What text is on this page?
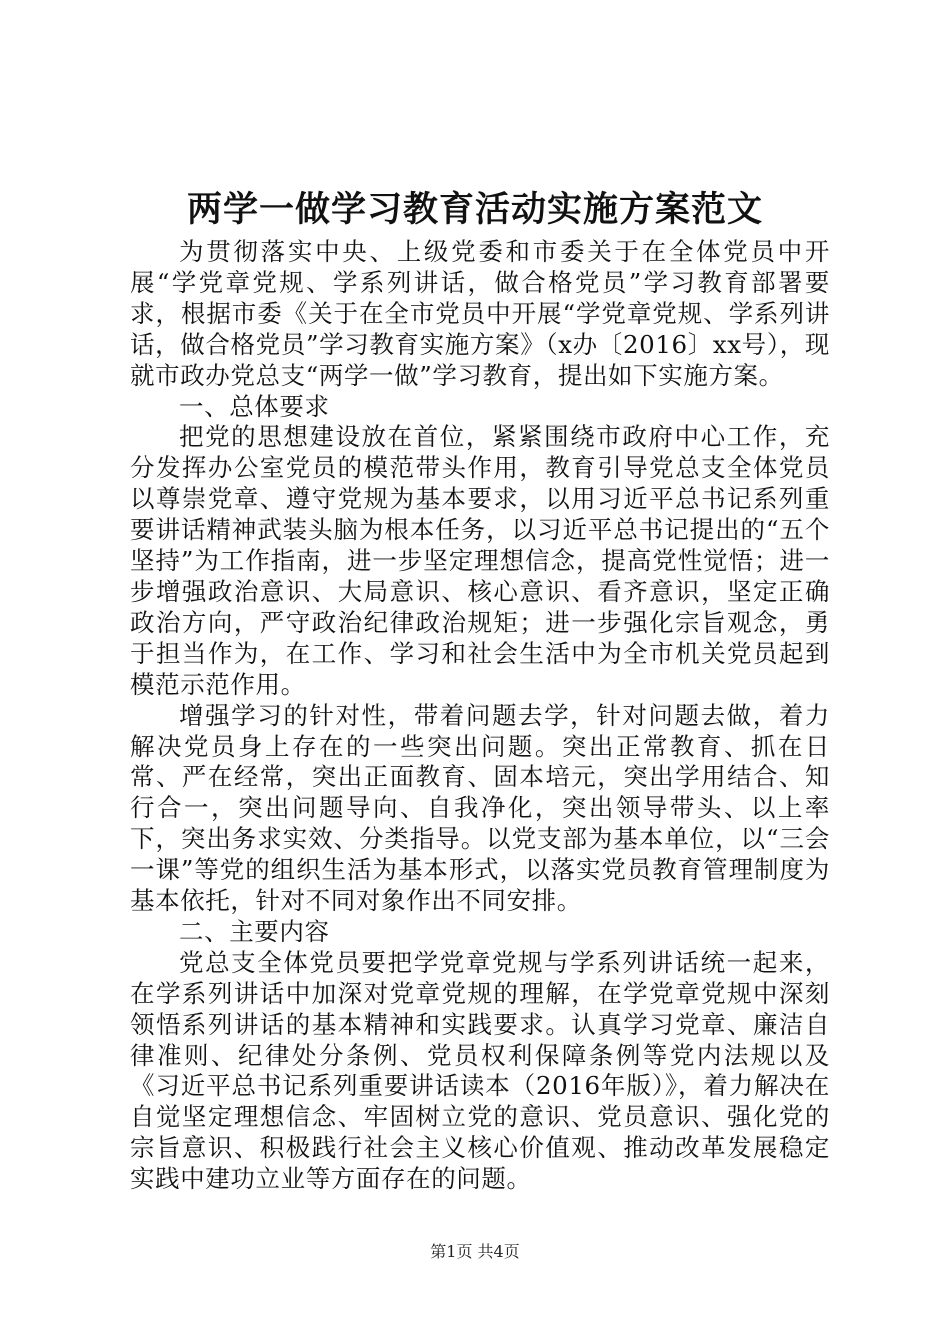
两学一做学习教育活动实施方案范文

为贯彻落实中央、上级党委和市委关于在全体党员中开展“学党章党规、学系列讲话，做合格党员”学习教育部署要求，根据市委《关于在全市党员中开展“学党章党规、学系列讲话，做合格党员”学习教育实施方案》（x办〔2016〕xx号），现就市政办党总支“两学一做”学习教育，提出如下实施方案。

一、总体要求

把党的思想建设放在首位，紧紧围绕市政府中心工作，充分发挥办公室党员的模范带头作用，教育引导党总支全体党员以尊崇党章、遵守党规为基本要求，以用习近平总书记系列重要讲话精神武装头脑为根本任务，以习近平总书记提出的“五个坚持”为工作指南，进一步坚定理想信念，提高党性觉悟；进一步增强政治意识、大局意识、核心意识、看齐意识，坚定正确政治方向，严守政治纪律政治规矩；进一步强化宗旨观念，勇于担当作为，在工作、学习和社会生活中为全市机关党员起到模范示范作用。

增强学习的针对性，带着问题去学，针对问题去做，着力解决党员身上存在的一些突出问题。突出正常教育、抓在日常、严在经常，突出正面教育、固本培元，突出学用结合、知行合一，突出问题导向、自我净化，突出领导带头、以上率下，突出务求实效、分类指导。以党支部为基本单位，以“三会一课”等党的组织生活为基本形式，以落实党员教育管理制度为基本依托，针对不同对象作出不同安排。

二、主要内容

党总支全体党员要把学党章党规与学系列讲话统一起来，在学系列讲话中加深对党章党规的理解，在学党章党规中深刻领悟系列讲话的基本精神和实践要求。认真学习党章、廉洁自律准则、纪律处分条例、党员权利保障条例等党内法规以及《习近平总书记系列重要讲话读本（2016年版）》，着力解决在自觉坚定理想信念、牢固树立党的意识、党员意识、强化党的宗旨意识、积极践行社会主义核心价值观、推动改革发展稳定实践中建功立业等方面存在的问题。

第1页 共4页
